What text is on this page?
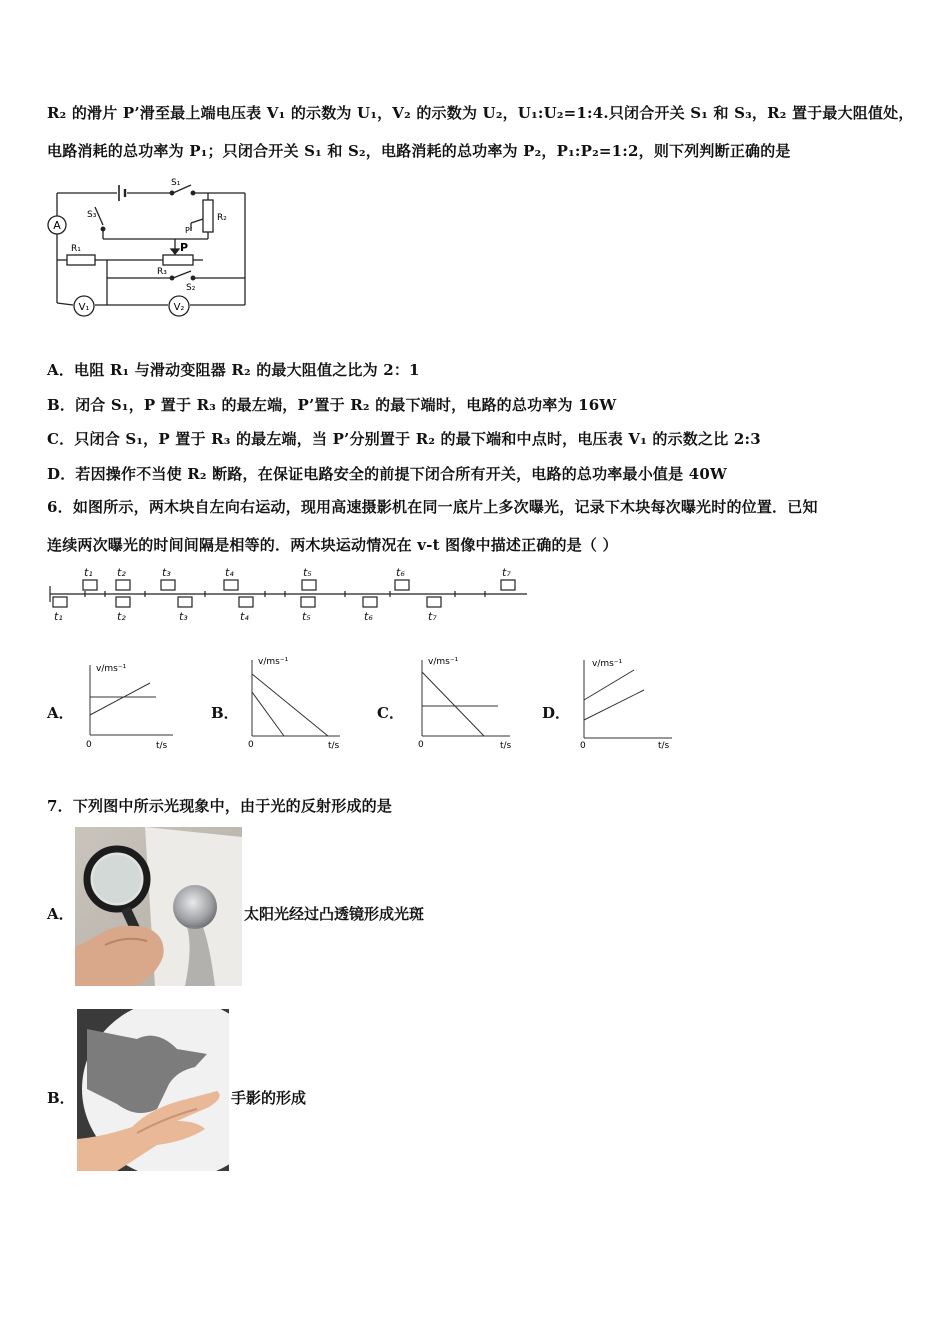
R₂ 的滑片 P’滑至最上端电压表 V₁ 的示数为 U₁，V₂ 的示数为 U₂，U₁:U₂=1:4.只闭合开关 S₁ 和 S₃，R₂ 置于最大阻值处，
电路消耗的总功率为 P₁；只闭合开关 S₁ 和 S₂，电路消耗的总功率为 P₂，P₁:P₂=1:2，则下列判断正确的是
A
V₁	V₂
S₁
S₃	R₂
P’
R₁	P
R₃
S₂
A．电阻 R₁ 与滑动变阻器 R₂ 的最大阻值之比为 2：1
B．闭合 S₁，P 置于 R₃ 的最左端，P’置于 R₂ 的最下端时，电路的总功率为 16W
C．只闭合 S₁，P 置于 R₃ 的最左端，当 P’分别置于 R₂ 的最下端和中点时，电压表 V₁ 的示数之比 2:3
D．若因操作不当使 R₂ 断路，在保证电路安全的前提下闭合所有开关，电路的总功率最小值是 40W
6．如图所示，两木块自左向右运动，现用高速摄影机在同一底片上多次曝光，记录下木块每次曝光时的位置．已知
连续两次曝光的时间间隔是相等的．两木块运动情况在 v-t 图像中描述正确的是（ ）
t₁ t₂	t₃	t₄	t₅	t₆	t₇
t₁	t₂	t₃	t₄	t₅	t₆	t₇
A．
v/ms⁻¹
0	t/s
B．
v/ms⁻¹
0	t/s
C．
v/ms⁻¹
0	t/s
D．
v/ms⁻¹
0	t/s
7．下列图中所示光现象中，由于光的反射形成的是
A．	太阳光经过凸透镜形成光斑
B．	手影的形成
